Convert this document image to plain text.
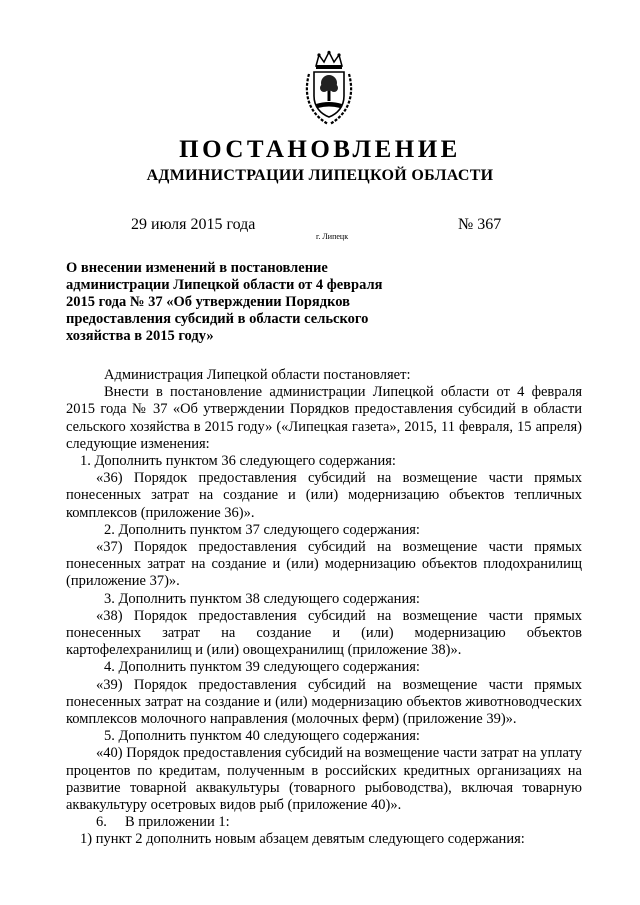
ПОСТАНОВЛЕНИЕ
АДМИНИСТРАЦИИ ЛИПЕЦКОЙ ОБЛАСТИ
29 июля 2015 года
г. Липецк
№ 367
О внесении изменений в постановление администрации Липецкой области от 4 февраля 2015 года № 37 «Об утверждении Порядков предоставления субсидий в области сельского хозяйства в 2015 году»

Администрация Липецкой области постановляет:

Внести в постановление администрации Липецкой области от 4 февраля 2015 года № 37 «Об утверждении Порядков предоставления субсидий в области сельского хозяйства в 2015 году» («Липецкая газета», 2015, 11 февраля, 15 апреля) следующие изменения:

1. Дополнить пунктом 36 следующего содержания:

«36) Порядок предоставления субсидий на возмещение части прямых понесенных затрат на создание и (или) модернизацию объектов тепличных комплексов (приложение 36)».

2. Дополнить пунктом 37 следующего содержания:

«37) Порядок предоставления субсидий на возмещение части прямых понесенных затрат на создание и (или) модернизацию объектов плодохранилищ (приложение 37)».

3. Дополнить пунктом 38 следующего содержания:

«38) Порядок предоставления субсидий на возмещение части прямых понесенных затрат на создание и (или) модернизацию объектов картофелехранилищ и (или) овощехранилищ (приложение 38)».

4. Дополнить пунктом 39 следующего содержания:

«39) Порядок предоставления субсидий на возмещение части прямых понесенных затрат на создание и (или) модернизацию объектов животноводческих комплексов молочного направления (молочных ферм) (приложение 39)».

5. Дополнить пунктом 40 следующего содержания:

«40) Порядок предоставления субсидий на возмещение части затрат на уплату процентов по кредитам, полученным в российских кредитных организациях на развитие товарной аквакультуры (товарного рыбоводства), включая товарную аквакультуру осетровых видов рыб (приложение 40)».

6.     В приложении 1:

1) пункт 2 дополнить новым абзацем девятым следующего содержания:
